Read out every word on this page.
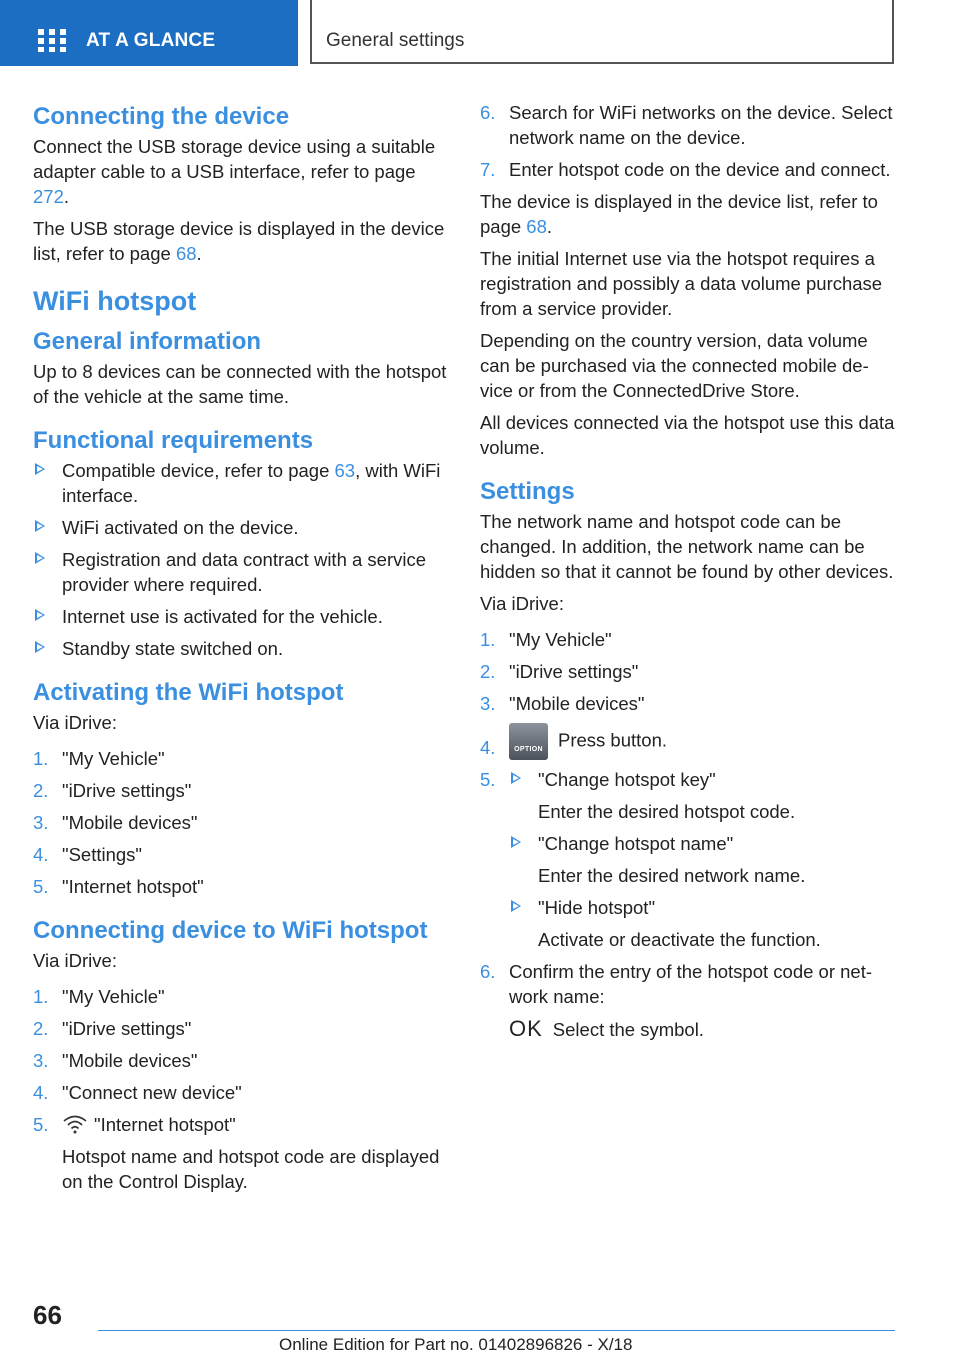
AT A GLANCE	General settings
Connecting the device

Connect the USB storage device using a suitable adapter cable to a USB interface, refer to page 272.

The USB storage device is displayed in the device list, refer to page 68.

WiFi hotspot
General information

Up to 8 devices can be connected with the hotspot of the vehicle at the same time.

Functional requirements
Compatible device, refer to page 63, with WiFi interface.
WiFi activated on the device.
Registration and data contract with a service provider where required.
Internet use is activated for the vehicle.
Standby state switched on.
Activating the WiFi hotspot

Via iDrive:

1. "My Vehicle"
2. "iDrive settings"
3. "Mobile devices"
4. "Settings"
5. "Internet hotspot"
Connecting device to WiFi hotspot

Via iDrive:

1. "My Vehicle"
2. "iDrive settings"
3. "Mobile devices"
4. "Connect new device"
5. "Internet hotspot"
Hotspot name and hotspot code are displayed on the Control Display.
6. Search for WiFi networks on the device. Select network name on the device.
7. Enter hotspot code on the device and connect.

The device is displayed in the device list, refer to page 68.

The initial Internet use via the hotspot requires a registration and possibly a data volume purchase from a service provider.

Depending on the country version, data volume can be purchased via the connected mobile device or from the ConnectedDrive Store.

All devices connected via the hotspot use this data volume.

Settings

The network name and hotspot code can be changed. In addition, the network name can be hidden so that it cannot be found by other devices.

Via iDrive:

1. "My Vehicle"
2. "iDrive settings"
3. "Mobile devices"
4.	OPTION Press button.
5.	"Change hotspot key"
Enter the desired hotspot code.
"Change hotspot name"
Enter the desired network name.
"Hide hotspot"
Activate or deactivate the function.
6. Confirm the entry of the hotspot code or network name:
OK Select the symbol.
66
Online Edition for Part no. 01402896826 - X/18
